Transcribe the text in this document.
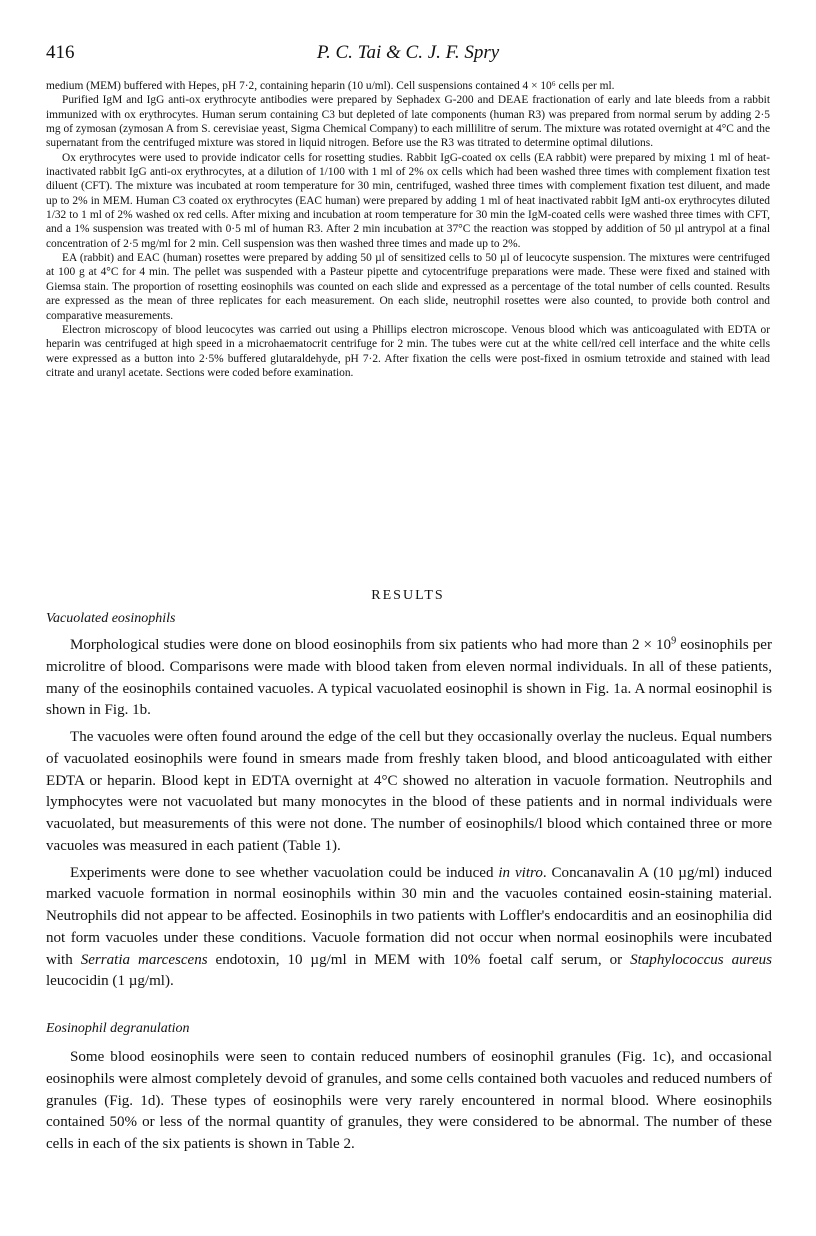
416	P. C. Tai & C. J. F. Spry

medium (MEM) buffered with Hepes, pH 7·2, containing heparin (10 u/ml). Cell suspensions contained 4 × 10⁶ cells per ml.

Purified IgM and IgG anti-ox erythrocyte antibodies were prepared by Sephadex G-200 and DEAE fractionation of early and late bleeds from a rabbit immunized with ox erythrocytes. Human serum containing C3 but depleted of late components (human R3) was prepared from normal serum by adding 2·5 mg of zymosan (zymosan A from S. cerevisiae yeast, Sigma Chemical Company) to each millilitre of serum. The mixture was rotated overnight at 4°C and the supernatant from the centrifuged mixture was stored in liquid nitrogen. Before use the R3 was titrated to determine optimal dilutions.

Ox erythrocytes were used to provide indicator cells for rosetting studies. Rabbit IgG-coated ox cells (EA rabbit) were prepared by mixing 1 ml of heat-inactivated rabbit IgG anti-ox erythrocytes, at a dilution of 1/100 with 1 ml of 2% ox cells which had been washed three times with complement fixation test diluent (CFT). The mixture was incubated at room temperature for 30 min, centrifuged, washed three times with complement fixation test diluent, and made up to 2% in MEM. Human C3 coated ox erythrocytes (EAC human) were prepared by adding 1 ml of heat inactivated rabbit IgM anti-ox erythrocytes diluted 1/32 to 1 ml of 2% washed ox red cells. After mixing and incubation at room temperature for 30 min the IgM-coated cells were washed three times with CFT, and a 1% suspension was treated with 0·5 ml of human R3. After 2 min incubation at 37°C the reaction was stopped by addition of 50 µl antrypol at a final concentration of 2·5 mg/ml for 2 min. Cell suspension was then washed three times and made up to 2%.

EA (rabbit) and EAC (human) rosettes were prepared by adding 50 µl of sensitized cells to 50 µl of leucocyte suspension. The mixtures were centrifuged at 100 g at 4°C for 4 min. The pellet was suspended with a Pasteur pipette and cytocentrifuge preparations were made. These were fixed and stained with Giemsa stain. The proportion of rosetting eosinophils was counted on each slide and expressed as a percentage of the total number of cells counted. Results are expressed as the mean of three replicates for each measurement. On each slide, neutrophil rosettes were also counted, to provide both control and comparative measurements.

Electron microscopy of blood leucocytes was carried out using a Phillips electron microscope. Venous blood which was anticoagulated with EDTA or heparin was centrifuged at high speed in a microhaematocrit centrifuge for 2 min. The tubes were cut at the white cell/red cell interface and the white cells were expressed as a button into 2·5% buffered glutaraldehyde, pH 7·2. After fixation the cells were post-fixed in osmium tetroxide and stained with lead citrate and uranyl acetate. Sections were coded before examination.

RESULTS
Vacuolated eosinophils

Morphological studies were done on blood eosinophils from six patients who had more than $2 \times 10^9$ eosinophils per microlitre of blood. Comparisons were made with blood taken from eleven normal individuals. In all of these patients, many of the eosinophils contained vacuoles. A typical vacuolated eosinophil is shown in Fig. 1a. A normal eosinophil is shown in Fig. 1b.

The vacuoles were often found around the edge of the cell but they occasionally overlay the nucleus. Equal numbers of vacuolated eosinophils were found in smears made from freshly taken blood, and blood anticoagulated with either EDTA or heparin. Blood kept in EDTA overnight at 4°C showed no alteration in vacuole formation. Neutrophils and lymphocytes were not vacuolated but many monocytes in the blood of these patients and in normal individuals were vacuolated, but measurements of this were not done. The number of eosinophils/l blood which contained three or more vacuoles was measured in each patient (Table 1).

Experiments were done to see whether vacuolation could be induced in vitro. Concanavalin A (10 µg/ml) induced marked vacuole formation in normal eosinophils within 30 min and the vacuoles contained eosin-staining material. Neutrophils did not appear to be affected. Eosinophils in two patients with Loffler's endocarditis and an eosinophilia did not form vacuoles under these conditions. Vacuole formation did not occur when normal eosinophils were incubated with Serratia marcescens endotoxin, 10 µg/ml in MEM with 10% foetal calf serum, or Staphylococcus aureus leucocidin (1 µg/ml).

Eosinophil degranulation

Some blood eosinophils were seen to contain reduced numbers of eosinophil granules (Fig. 1c), and occasional eosinophils were almost completely devoid of granules, and some cells contained both vacuoles and reduced numbers of granules (Fig. 1d). These types of eosinophils were very rarely encountered in normal blood. Where eosinophils contained 50% or less of the normal quantity of granules, they were considered to be abnormal. The number of these cells in each of the six patients is shown in Table 2.
